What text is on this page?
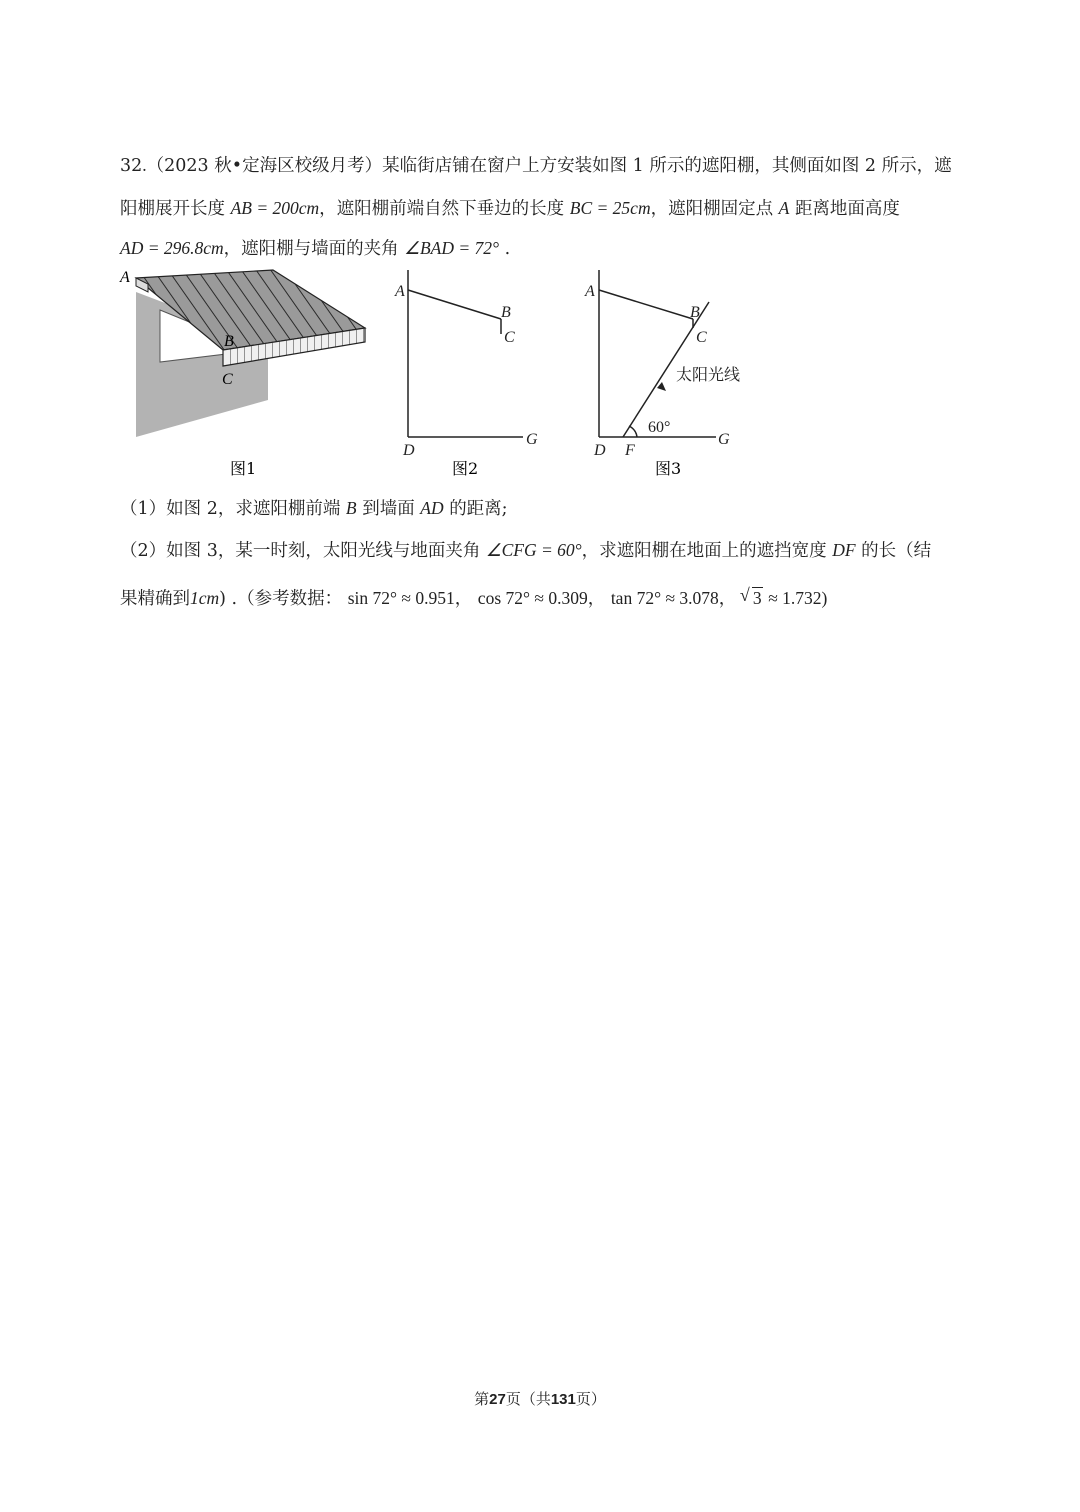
32.（2023 秋•定海区校级月考）某临街店铺在窗户上方安装如图 1 所示的遮阳棚，其侧面如图 2 所示，遮
阳棚展开长度 AB = 200cm，遮阳棚前端自然下垂边的长度 BC = 25cm，遮阳棚固定点 A 距离地面高度
AD = 296.8cm，遮阳棚与墙面的夹角 ∠BAD = 72° .
A
B
C
图1
A
B
C
D
G
图2
A
B
C
D F
G
太阳光线
60°
图3
（1）如图 2，求遮阳棚前端 B 到墙面 AD 的距离;
（2）如图 3，某一时刻，太阳光线与地面夹角 ∠CFG = 60°，求遮阳棚在地面上的遮挡宽度 DF 的长（结
果精确到1cm) .（参考数据： sin 72° ≈ 0.951， cos 72° ≈ 0.309， tan 72° ≈ 3.078， √ 3 ≈ 1.732)
第27页（共131页）
